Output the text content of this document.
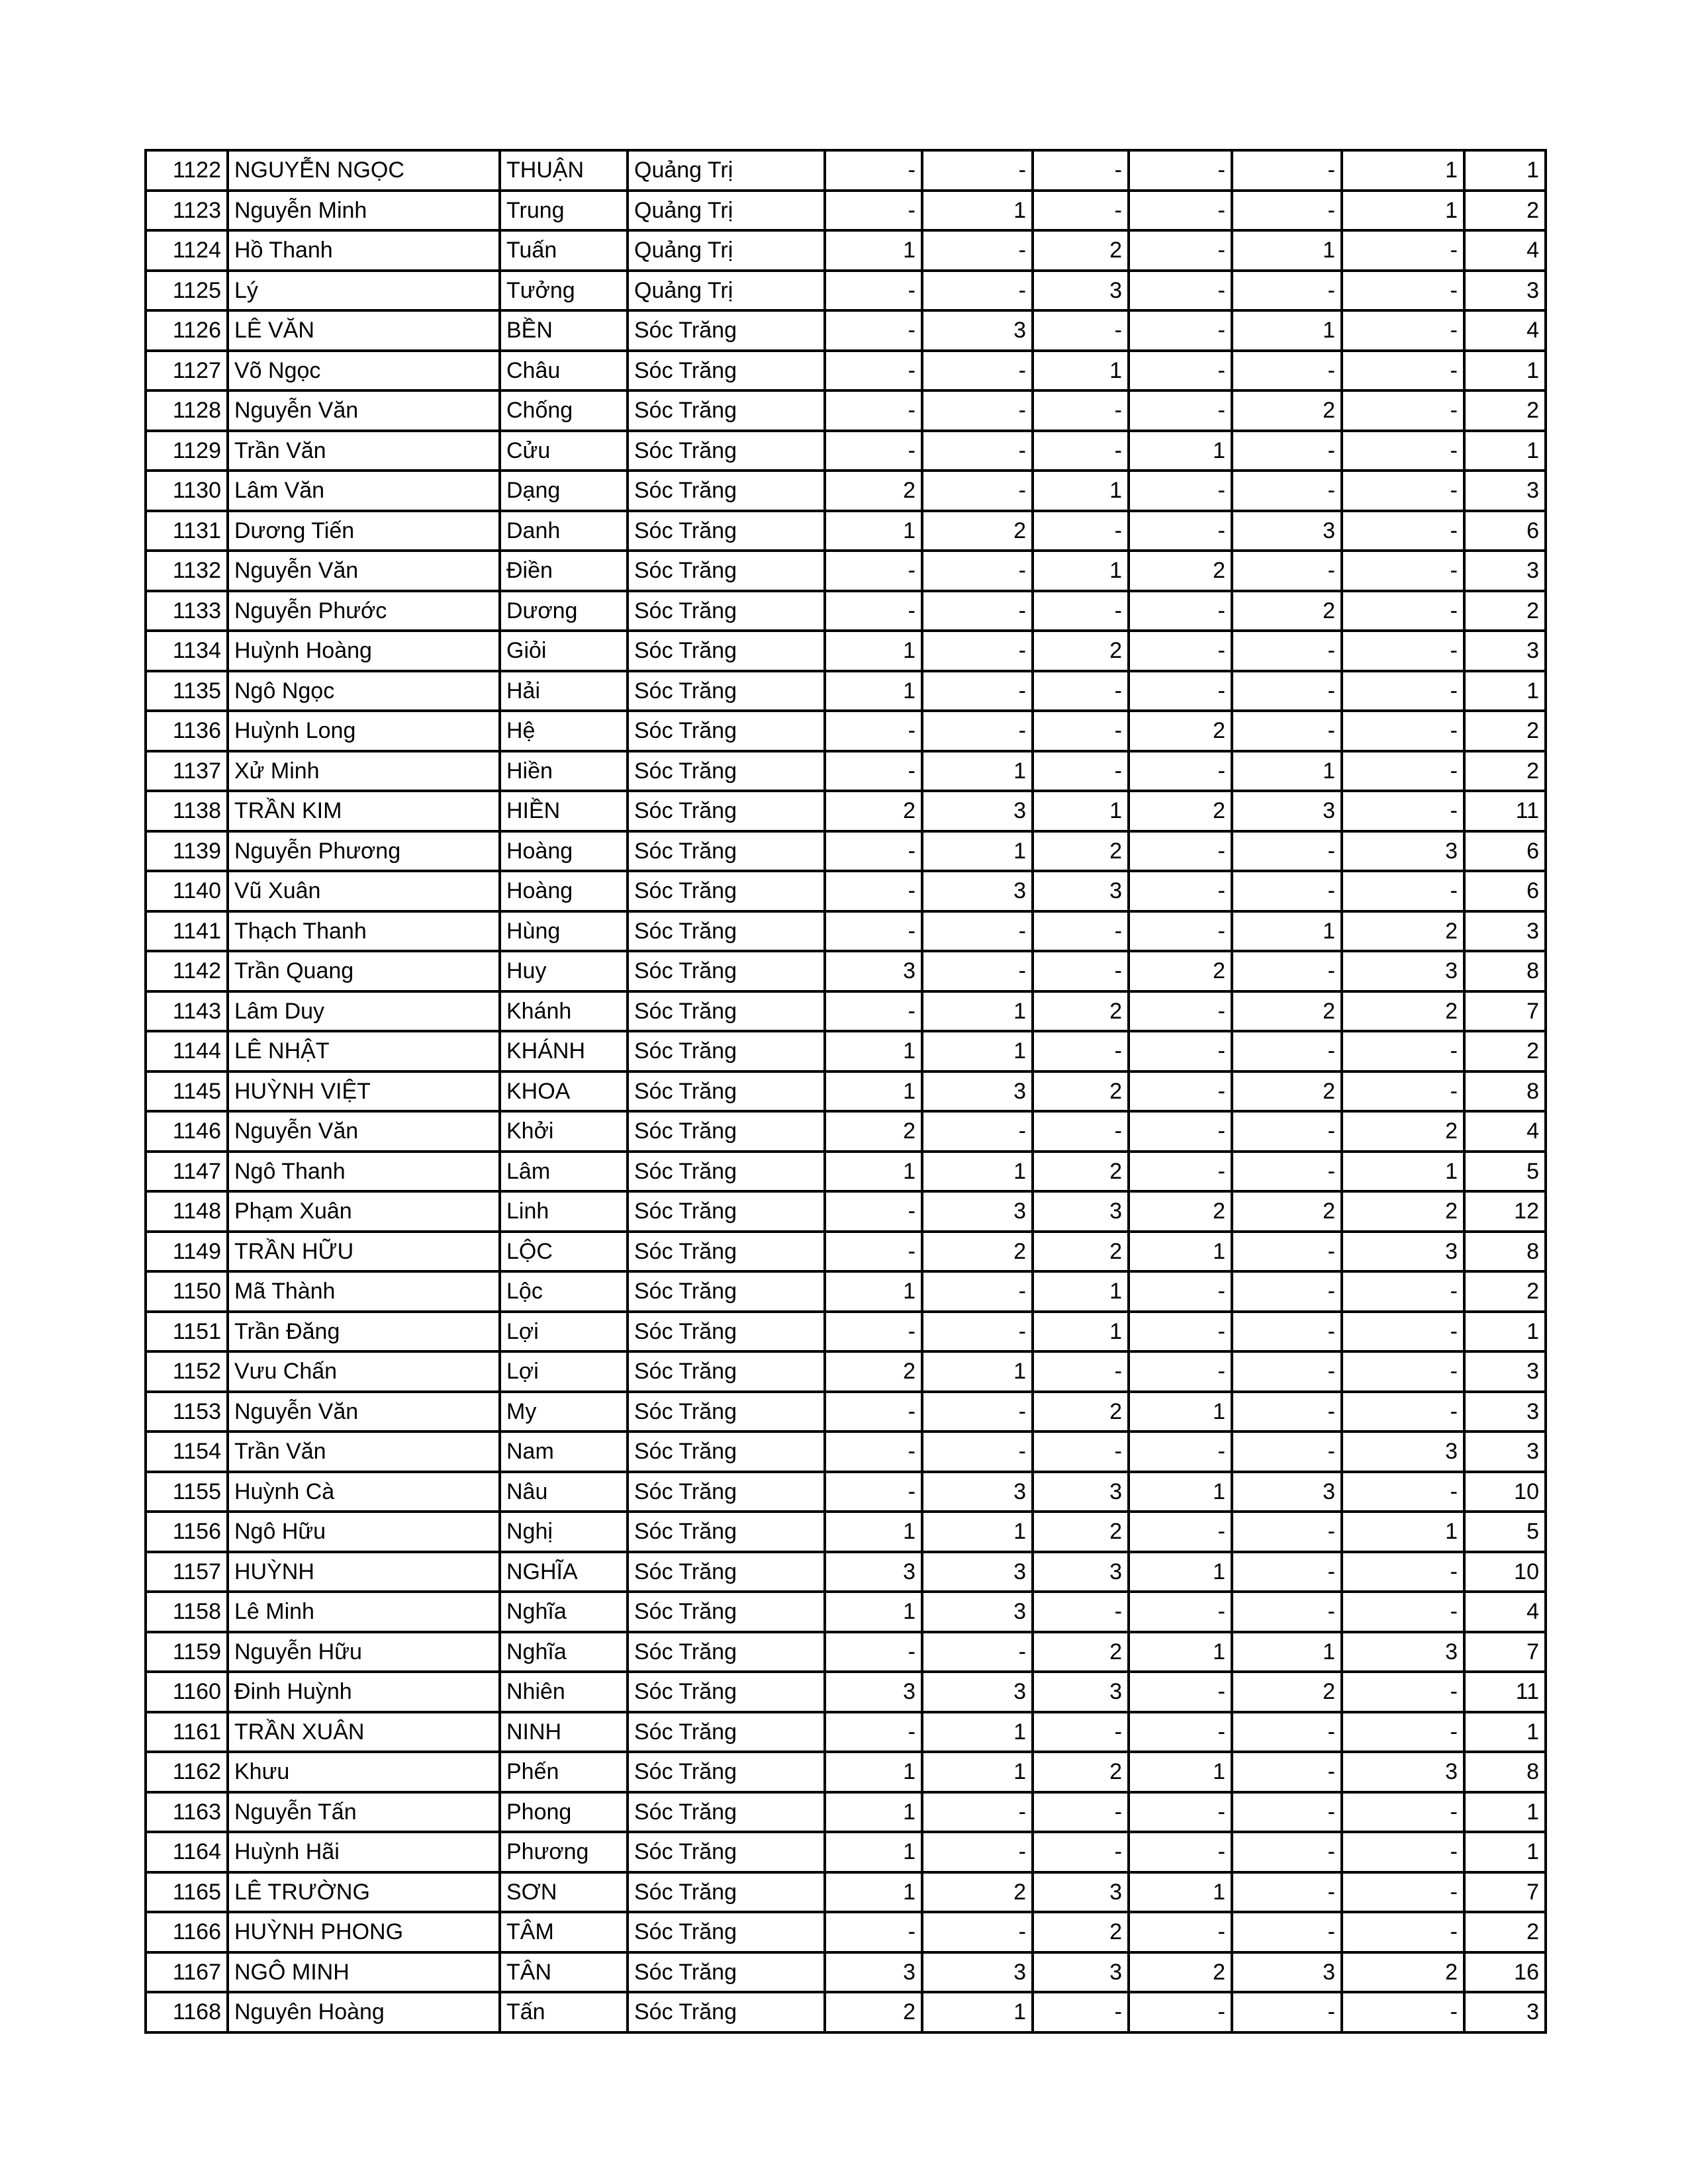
1122	NGUYỄN NGỌC	THUẬN	Quảng Trị	-	-	-	-	-	1	1
1123	Nguyễn Minh	Trung	Quảng Trị	-	1	-	-	-	1	2
1124	Hồ Thanh	Tuấn	Quảng Trị	1	-	2	-	1	-	4
1125	Lý	Tưởng	Quảng Trị	-	-	3	-	-	-	3
1126	LÊ VĂN	BỀN	Sóc Trăng	-	3	-	-	1	-	4
1127	Võ Ngọc	Châu	Sóc Trăng	-	-	1	-	-	-	1
1128	Nguyễn Văn	Chống	Sóc Trăng	-	-	-	-	2	-	2
1129	Trần Văn	Cửu	Sóc Trăng	-	-	-	1	-	-	1
1130	Lâm Văn	Dạng	Sóc Trăng	2	-	1	-	-	-	3
1131	Dương Tiến	Danh	Sóc Trăng	1	2	-	-	3	-	6
1132	Nguyễn Văn	Điền	Sóc Trăng	-	-	1	2	-	-	3
1133	Nguyễn Phước	Dương	Sóc Trăng	-	-	-	-	2	-	2
1134	Huỳnh Hoàng	Giỏi	Sóc Trăng	1	-	2	-	-	-	3
1135	Ngô Ngọc	Hải	Sóc Trăng	1	-	-	-	-	-	1
1136	Huỳnh Long	Hệ	Sóc Trăng	-	-	-	2	-	-	2
1137	Xử Minh	Hiền	Sóc Trăng	-	1	-	-	1	-	2
1138	TRẦN KIM	HIỀN	Sóc Trăng	2	3	1	2	3	-	11
1139	Nguyễn Phương	Hoàng	Sóc Trăng	-	1	2	-	-	3	6
1140	Vũ Xuân	Hoàng	Sóc Trăng	-	3	3	-	-	-	6
1141	Thạch Thanh	Hùng	Sóc Trăng	-	-	-	-	1	2	3
1142	Trần Quang	Huy	Sóc Trăng	3	-	-	2	-	3	8
1143	Lâm Duy	Khánh	Sóc Trăng	-	1	2	-	2	2	7
1144	LÊ NHẬT	KHÁNH	Sóc Trăng	1	1	-	-	-	-	2
1145	HUỲNH VIỆT	KHOA	Sóc Trăng	1	3	2	-	2	-	8
1146	Nguyễn Văn	Khởi	Sóc Trăng	2	-	-	-	-	2	4
1147	Ngô Thanh	Lâm	Sóc Trăng	1	1	2	-	-	1	5
1148	Phạm Xuân	Linh	Sóc Trăng	-	3	3	2	2	2	12
1149	TRẦN HỮU	LỘC	Sóc Trăng	-	2	2	1	-	3	8
1150	Mã Thành	Lộc	Sóc Trăng	1	-	1	-	-	-	2
1151	Trần Đăng	Lợi	Sóc Trăng	-	-	1	-	-	-	1
1152	Vưu Chấn	Lợi	Sóc Trăng	2	1	-	-	-	-	3
1153	Nguyễn Văn	My	Sóc Trăng	-	-	2	1	-	-	3
1154	Trần Văn	Nam	Sóc Trăng	-	-	-	-	-	3	3
1155	Huỳnh Cà	Nâu	Sóc Trăng	-	3	3	1	3	-	10
1156	Ngô Hữu	Nghị	Sóc Trăng	1	1	2	-	-	1	5
1157	HUỲNH	NGHĨA	Sóc Trăng	3	3	3	1	-	-	10
1158	Lê Minh	Nghĩa	Sóc Trăng	1	3	-	-	-	-	4
1159	Nguyễn Hữu	Nghĩa	Sóc Trăng	-	-	2	1	1	3	7
1160	Đinh Huỳnh	Nhiên	Sóc Trăng	3	3	3	-	2	-	11
1161	TRẦN XUÂN	NINH	Sóc Trăng	-	1	-	-	-	-	1
1162	Khưu	Phến	Sóc Trăng	1	1	2	1	-	3	8
1163	Nguyễn Tấn	Phong	Sóc Trăng	1	-	-	-	-	-	1
1164	Huỳnh Hãi	Phương	Sóc Trăng	1	-	-	-	-	-	1
1165	LÊ TRƯỜNG	SƠN	Sóc Trăng	1	2	3	1	-	-	7
1166	HUỲNH PHONG	TÂM	Sóc Trăng	-	-	2	-	-	-	2
1167	NGÔ MINH	TÂN	Sóc Trăng	3	3	3	2	3	2	16
1168	Nguyên Hoàng	Tấn	Sóc Trăng	2	1	-	-	-	-	3
